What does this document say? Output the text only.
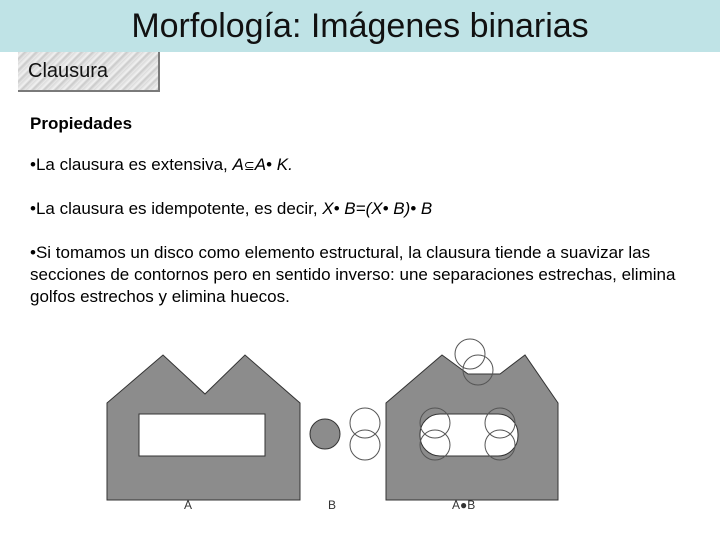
Morfología: Imágenes binarias
Clausura
Propiedades
•La clausura es extensiva, A⊆A• K.
•La clausura es idempotente, es decir, X• B=(X• B)• B
•Si tomamos un disco como elemento estructural, la clausura tiende a suavizar las secciones de contornos pero en sentido inverso: une separaciones estrechas, elimina golfos estrechos y elimina huecos.
A	B	A●B
